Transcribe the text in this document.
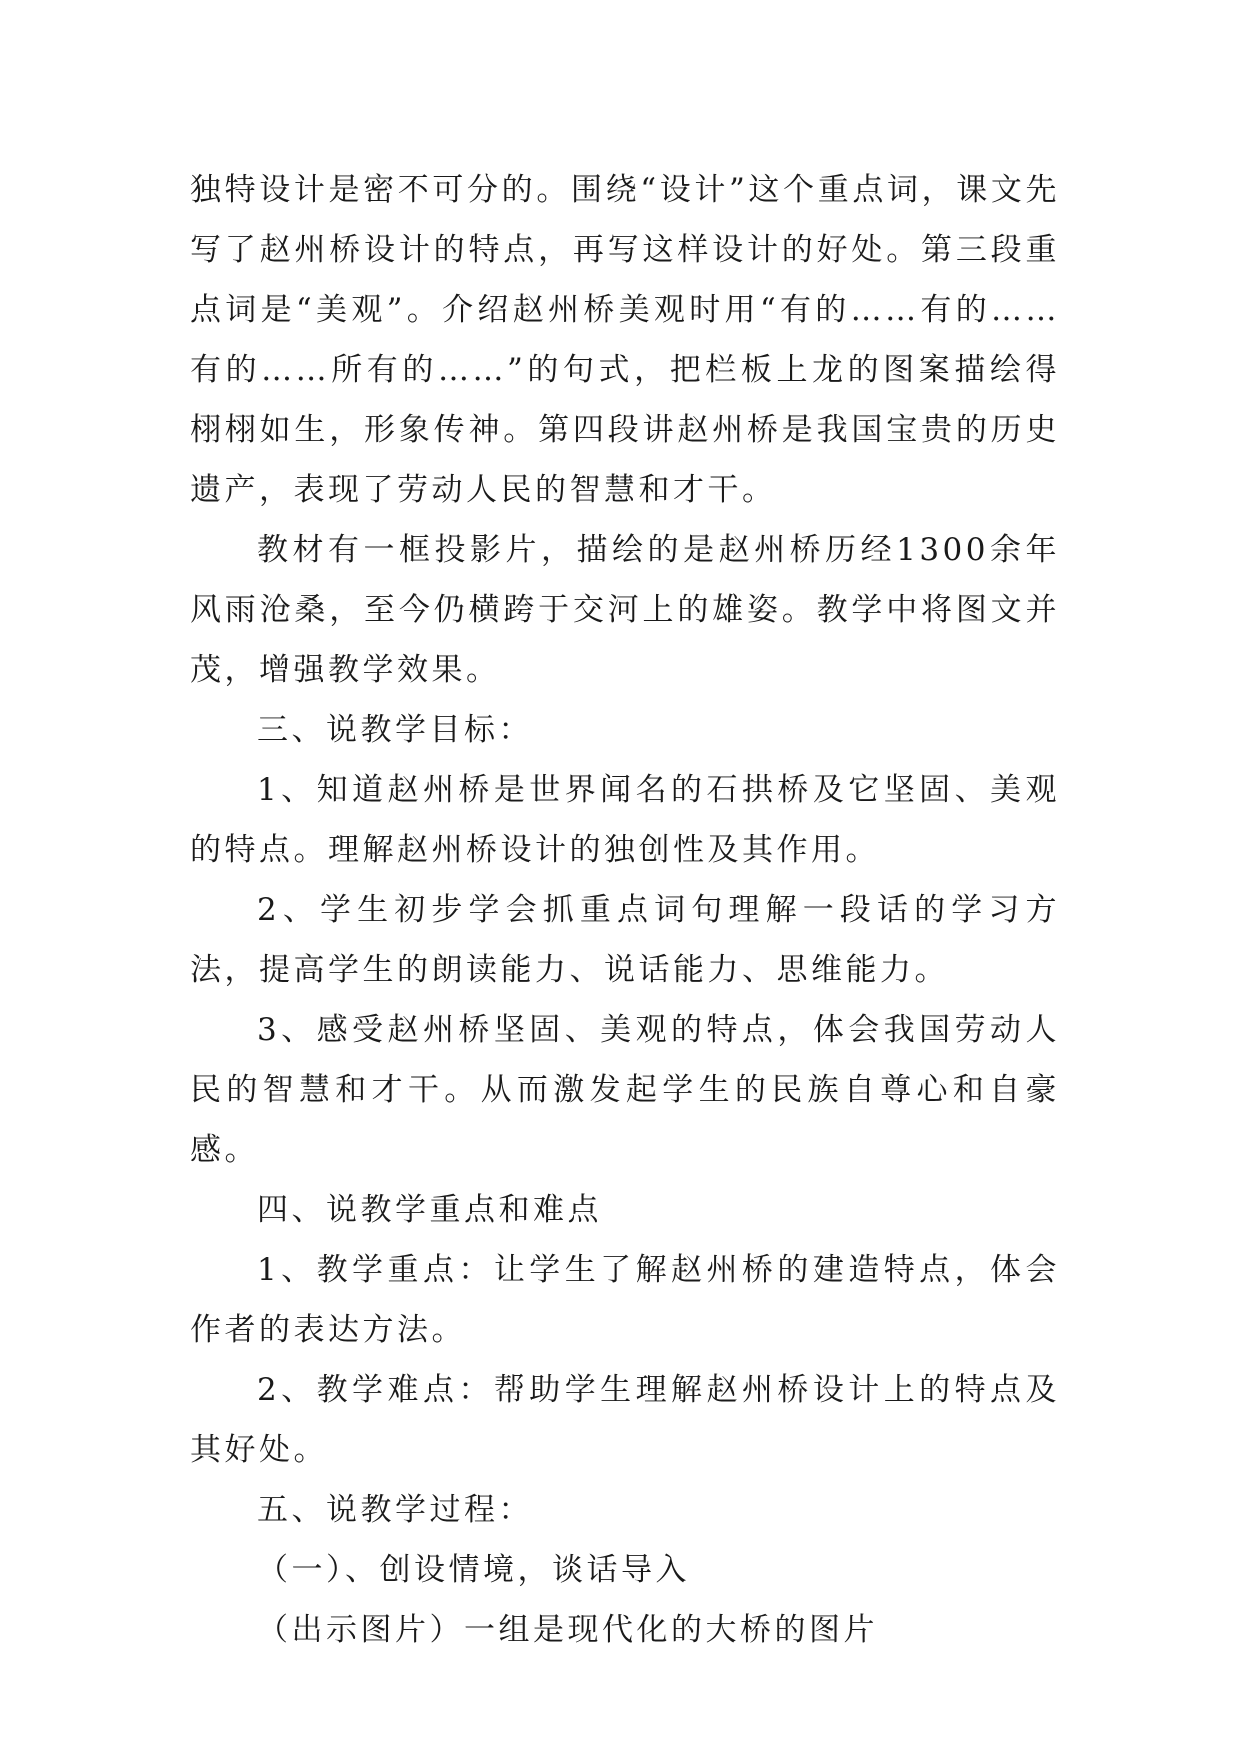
独特设计是密不可分的。围绕“设计”这个重点词，课文先写了赵州桥设计的特点，再写这样设计的好处。第三段重点词是“美观”。介绍赵州桥美观时用“有的……有的……有的……所有的……”的句式，把栏板上龙的图案描绘得栩栩如生，形象传神。第四段讲赵州桥是我国宝贵的历史遗产，表现了劳动人民的智慧和才干。

教材有一框投影片，描绘的是赵州桥历经1300余年风雨沧桑，至今仍横跨于交河上的雄姿。教学中将图文并茂，增强教学效果。

三、说教学目标：

1、知道赵州桥是世界闻名的石拱桥及它坚固、美观的特点。理解赵州桥设计的独创性及其作用。

2、学生初步学会抓重点词句理解一段话的学习方法，提高学生的朗读能力、说话能力、思维能力。

3、感受赵州桥坚固、美观的特点，体会我国劳动人民的智慧和才干。从而激发起学生的民族自尊心和自豪感。

四、说教学重点和难点

1、教学重点：让学生了解赵州桥的建造特点，体会作者的表达方法。

2、教学难点：帮助学生理解赵州桥设计上的特点及其好处。

五、说教学过程：

（一）、创设情境，谈话导入

（出示图片）一组是现代化的大桥的图片
